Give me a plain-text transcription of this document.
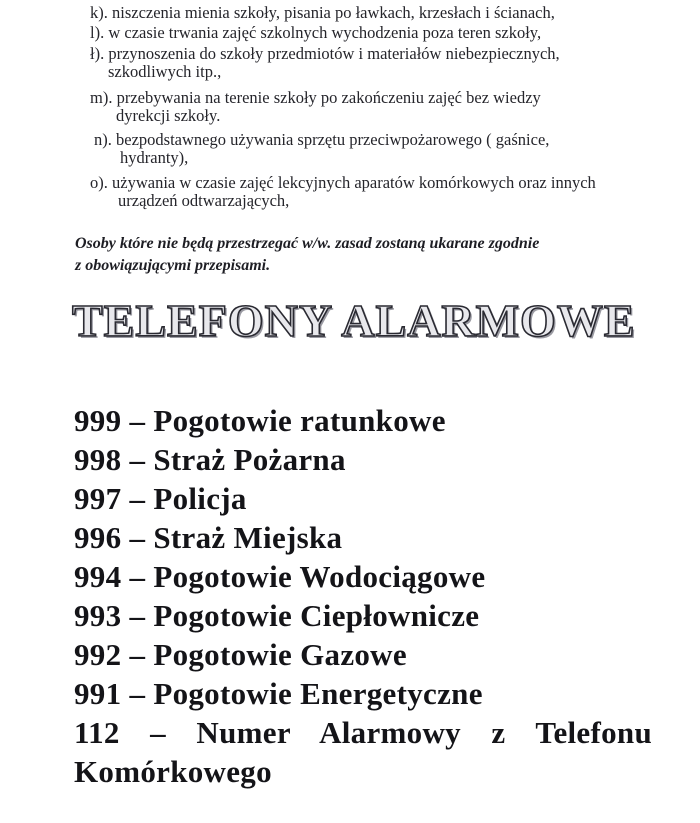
k). niszczenia mienia szkoły, pisania po ławkach, krzesłach i ścianach,
l). w czasie trwania zajęć szkolnych wychodzenia poza teren szkoły,
ł). przynoszenia do szkoły przedmiotów i materiałów niebezpiecznych,
szkodliwych itp.,
m). przebywania na terenie szkoły po zakończeniu zajęć bez wiedzy
dyrekcji szkoły.
n). bezpodstawnego używania sprzętu przeciwpożarowego ( gaśnice,
hydranty),
o). używania w czasie zajęć lekcyjnych aparatów komórkowych oraz innych
urządzeń odtwarzających,
Osoby które nie będą przestrzegać w/w. zasad zostaną ukarane zgodnie
z obowiązującymi przepisami.
TELEFONY ALARMOWE
999 – Pogotowie ratunkowe
998 – Straż Pożarna
997 – Policja
996 – Straż Miejska
994 – Pogotowie Wodociągowe
993 – Pogotowie Ciepłownicze
992 – Pogotowie Gazowe
991 – Pogotowie Energetyczne
112 – Numer Alarmowy z Telefonu Komórkowego
